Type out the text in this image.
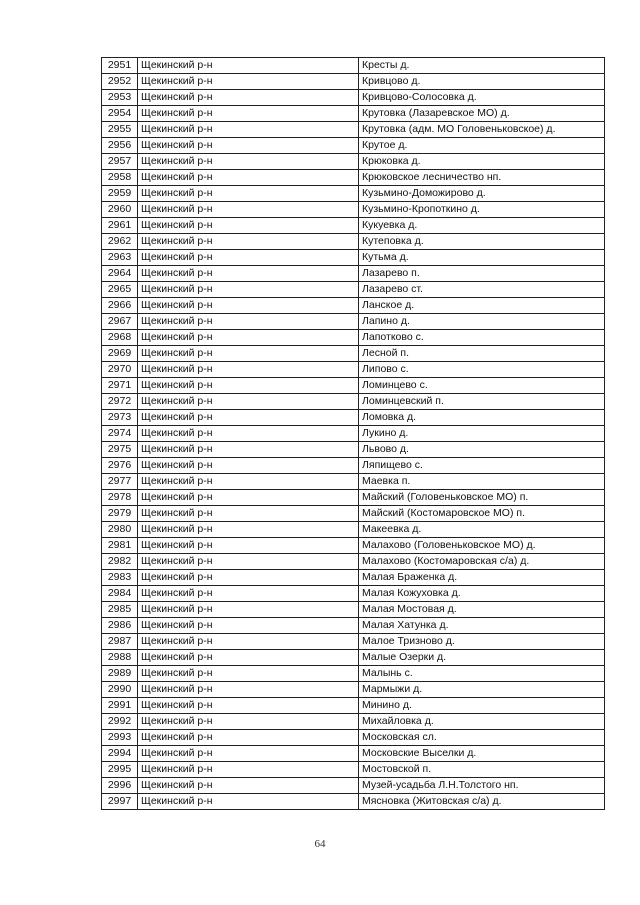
2951	Щекинский р-н	Кресты д.
2952	Щекинский р-н	Кривцово д.
2953	Щекинский р-н	Кривцово-Солосовка д.
2954	Щекинский р-н	Крутовка (Лазаревское МО) д.
2955	Щекинский р-н	Крутовка (адм. МО Головеньковское) д.
2956	Щекинский р-н	Крутое д.
2957	Щекинский р-н	Крюковка д.
2958	Щекинский р-н	Крюковское лесничество нп.
2959	Щекинский р-н	Кузьмино-Доможирово д.
2960	Щекинский р-н	Кузьмино-Кропоткино д.
2961	Щекинский р-н	Кукуевка д.
2962	Щекинский р-н	Кутеповка д.
2963	Щекинский р-н	Кутьма д.
2964	Щекинский р-н	Лазарево п.
2965	Щекинский р-н	Лазарево ст.
2966	Щекинский р-н	Ланское д.
2967	Щекинский р-н	Лапино д.
2968	Щекинский р-н	Лапотково с.
2969	Щекинский р-н	Лесной п.
2970	Щекинский р-н	Липово с.
2971	Щекинский р-н	Ломинцево с.
2972	Щекинский р-н	Ломинцевский п.
2973	Щекинский р-н	Ломовка д.
2974	Щекинский р-н	Лукино д.
2975	Щекинский р-н	Львово д.
2976	Щекинский р-н	Ляпищево с.
2977	Щекинский р-н	Маевка п.
2978	Щекинский р-н	Майский (Головеньковское МО) п.
2979	Щекинский р-н	Майский (Костомаровское МО) п.
2980	Щекинский р-н	Макеевка д.
2981	Щекинский р-н	Малахово (Головеньковское МО) д.
2982	Щекинский р-н	Малахово (Костомаровская с/а) д.
2983	Щекинский р-н	Малая Браженка д.
2984	Щекинский р-н	Малая Кожуховка д.
2985	Щекинский р-н	Малая Мостовая д.
2986	Щекинский р-н	Малая Хатунка д.
2987	Щекинский р-н	Малое Тризново д.
2988	Щекинский р-н	Малые Озерки д.
2989	Щекинский р-н	Малынь с.
2990	Щекинский р-н	Мармыжи д.
2991	Щекинский р-н	Минино д.
2992	Щекинский р-н	Михайловка д.
2993	Щекинский р-н	Московская сл.
2994	Щекинский р-н	Московские Выселки д.
2995	Щекинский р-н	Мостовской п.
2996	Щекинский р-н	Музей-усадьба Л.Н.Толстого нп.
2997	Щекинский р-н	Мясновка (Житовская с/а) д.
64
